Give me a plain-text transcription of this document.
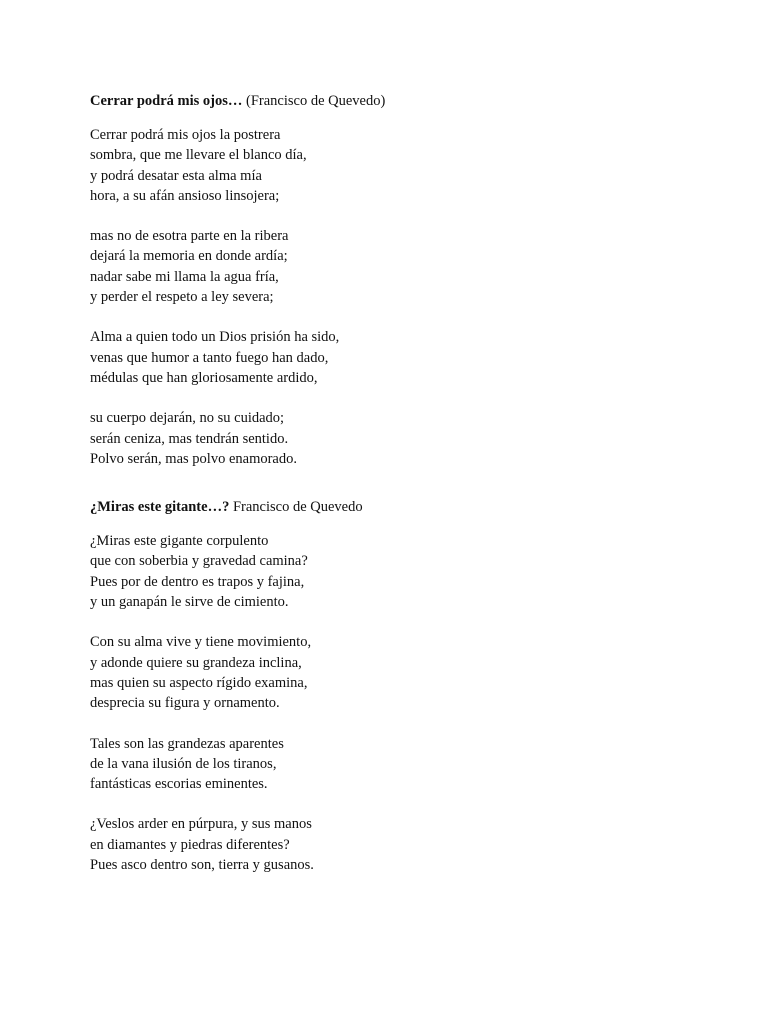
Cerrar podrá mis ojos… (Francisco de Quevedo)

Cerrar podrá mis ojos la postrera
sombra, que me llevare el blanco día,
y podrá desatar esta alma mía
hora, a su afán ansioso linsojera;
mas no de esotra parte en la ribera
dejará la memoria en donde ardía;
nadar sabe mi llama la agua fría,
y perder el respeto a ley severa;
Alma a quien todo un Dios prisión ha sido,
venas que humor a tanto fuego han dado,
médulas que han gloriosamente ardido,
su cuerpo dejarán, no su cuidado;
serán ceniza, mas tendrán sentido.
Polvo serán, mas polvo enamorado.

¿Miras este gitante…? Francisco de Quevedo

¿Miras este gigante corpulento
que con soberbia y gravedad camina?
Pues por de dentro es trapos y fajina,
y un ganapán le sirve de cimiento.
Con su alma vive y tiene movimiento,
y adonde quiere su grandeza inclina,
mas quien su aspecto rígido examina,
desprecia su figura y ornamento.
Tales son las grandezas aparentes
de la vana ilusión de los tiranos,
fantásticas escorias eminentes.
¿Veslos arder en púrpura, y sus manos
en diamantes y piedras diferentes?
Pues asco dentro son, tierra y gusanos.
